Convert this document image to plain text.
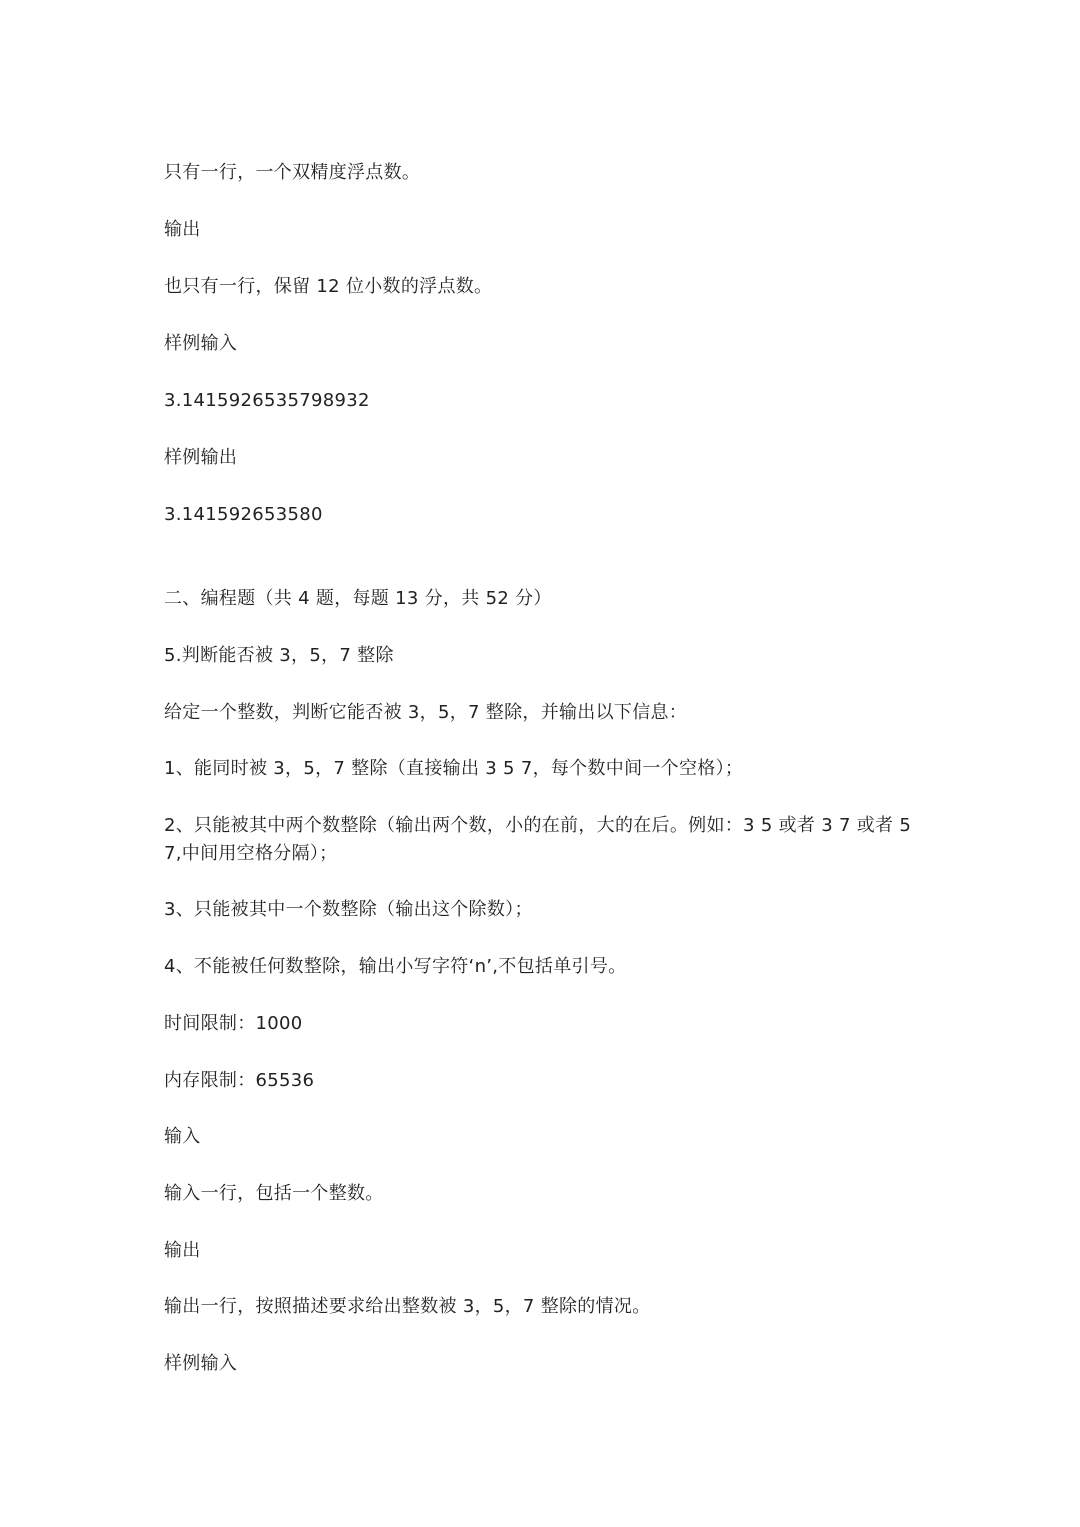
只有一行，一个双精度浮点数。
输出
也只有一行，保留 12 位小数的浮点数。
样例输入
3.1415926535798932
样例输出
3.141592653580
二、编程题（共 4 题，每题 13 分，共 52 分）
5.判断能否被 3，5，7 整除
给定一个整数，判断它能否被 3，5，7 整除，并输出以下信息：
1、能同时被 3，5，7 整除（直接输出 3 5 7，每个数中间一个空格）；
2、只能被其中两个数整除（输出两个数，小的在前，大的在后。例如：3 5 或者 3 7 或者 5
7,中间用空格分隔）；
3、只能被其中一个数整除（输出这个除数）；
4、不能被任何数整除，输出小写字符‘n’,不包括单引号。
时间限制：1000
内存限制：65536
输入
输入一行，包括一个整数。
输出
输出一行，按照描述要求给出整数被 3，5，7 整除的情况。
样例输入
